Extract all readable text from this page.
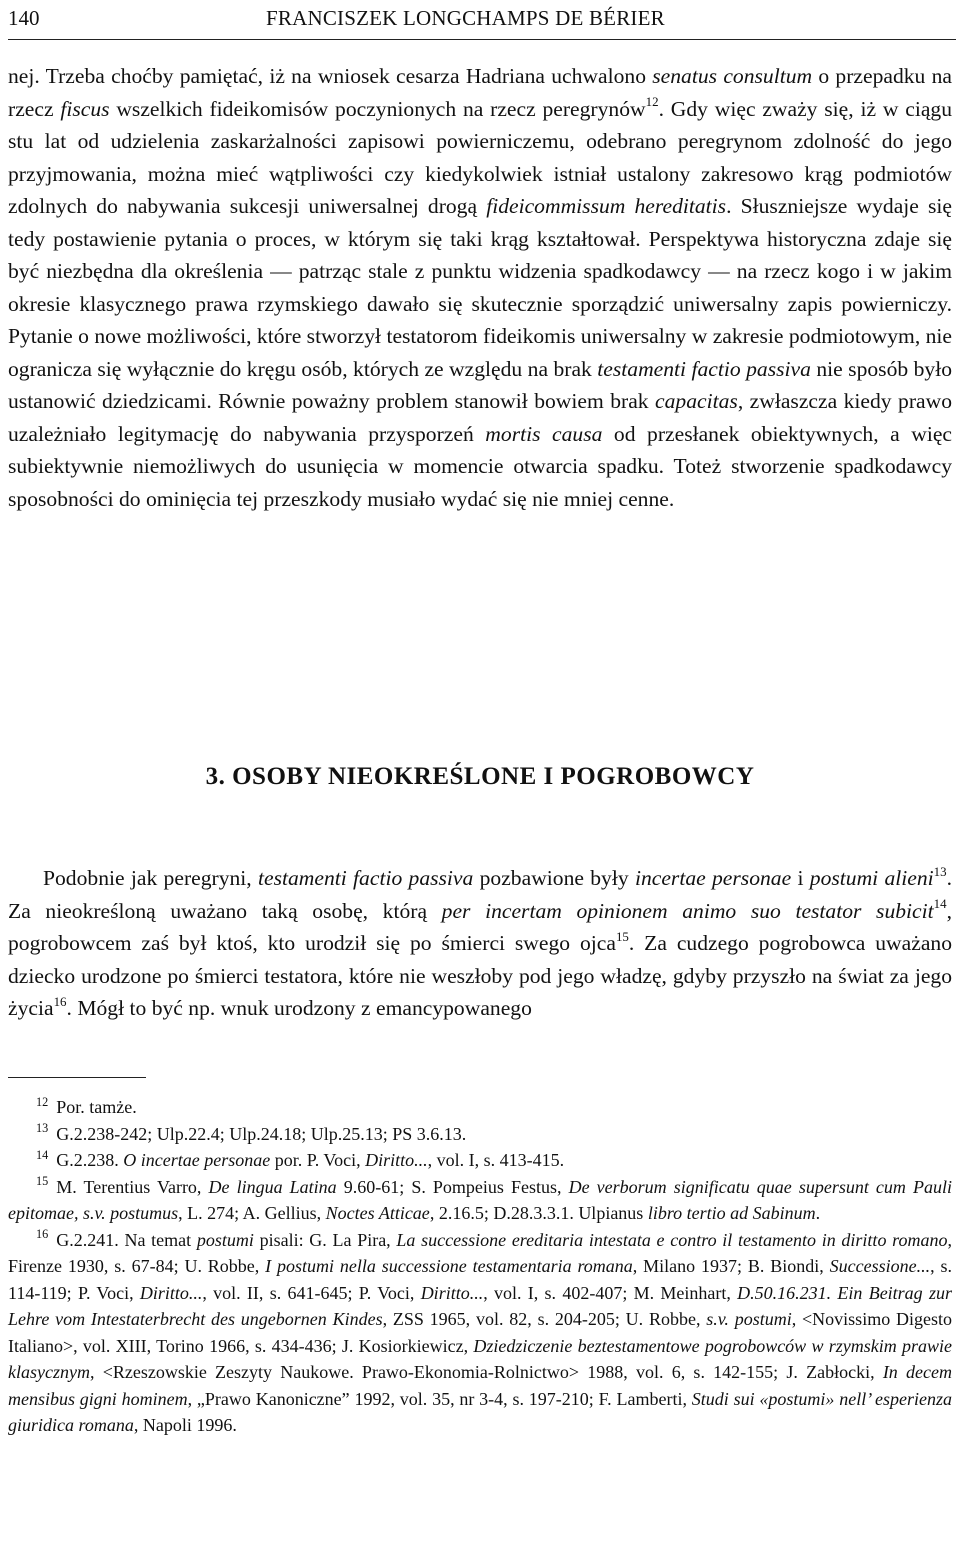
140	FRANCISZEK LONGCHAMPS DE BÉRIER
nej. Trzeba choćby pamiętać, iż na wniosek cesarza Hadriana uchwalono senatus consultum o przepadku na rzecz fiscus wszelkich fideikomisów poczynionych na rzecz peregrynów$^{12}$. Gdy więc zważy się, iż w ciągu stu lat od udzielenia zaskarżalności zapisowi powierniczemu, odebrano peregrynom zdolność do jego przyjmowania, można mieć wątpliwości czy kiedykolwiek istniał ustalony zakresowo krąg podmiotów zdolnych do nabywania sukcesji uniwersalnej drogą fideicommissum hereditatis. Słuszniejsze wydaje się tedy postawienie pytania o proces, w którym się taki krąg kształtował. Perspektywa historyczna zdaje się być niezbędna dla określenia — patrząc stale z punktu widzenia spadkodawcy — na rzecz kogo i w jakim okresie klasycznego prawa rzymskiego dawało się skutecznie sporządzić uniwersalny zapis powierniczy. Pytanie o nowe możliwości, które stworzył testatorom fideikomis uniwersalny w zakresie podmiotowym, nie ogranicza się wyłącznie do kręgu osób, których ze względu na brak testamenti factio passiva nie sposób było ustanowić dziedzicami. Równie poważny problem stanowił bowiem brak capacitas, zwłaszcza kiedy prawo uzależniało legitymację do nabywania przysporzeń mortis causa od przesłanek obiektywnych, a więc subiektywnie niemożliwych do usunięcia w momencie otwarcia spadku. Toteż stworzenie spadkodawcy sposobności do ominięcia tej przeszkody musiało wydać się nie mniej cenne.
3. OSOBY NIEOKREŚLONE I POGROBOWCY
Podobnie jak peregryni, testamenti factio passiva pozbawione były incertae personae i postumi alieni$^{13}$. Za nieokreśloną uważano taką osobę, którą per incertam opinionem animo suo testator subicit$^{14}$, pogrobowcem zaś był ktoś, kto urodził się po śmierci swego ojca$^{15}$. Za cudzego pogrobowca uważano dziecko urodzone po śmierci testatora, które nie weszłoby pod jego władzę, gdyby przyszło na świat za jego życia$^{16}$. Mógł to być np. wnuk urodzony z emancypowanego

$^{12}$ Por. tamże.

$^{13}$ G.2.238-242; Ulp.22.4; Ulp.24.18; Ulp.25.13; PS 3.6.13.

$^{14}$ G.2.238. O incertae personae por. P. Voci, Diritto..., vol. I, s. 413-415.

$^{15}$ M. Terentius Varro, De lingua Latina 9.60-61; S. Pompeius Festus, De verborum significatu quae supersunt cum Pauli epitomae, s.v. postumus, L. 274; A. Gellius, Noctes Atticae, 2.16.5; D.28.3.3.1. Ulpianus libro tertio ad Sabinum.

$^{16}$ G.2.241. Na temat postumi pisali: G. La Pira, La successione ereditaria intestata e contro il testamento in diritto romano, Firenze 1930, s. 67-84; U. Robbe, I postumi nella successione testamentaria romana, Milano 1937; B. Biondi, Successione..., s. 114-119; P. Voci, Diritto..., vol. II, s. 641-645; P. Voci, Diritto..., vol. I, s. 402-407; M. Meinhart, D.50.16.231. Ein Beitrag zur Lehre vom Intestaterbrecht des ungebornen Kindes, ZSS 1965, vol. 82, s. 204-205; U. Robbe, s.v. postumi, <Novissimo Digesto Italiano>, vol. XIII, Torino 1966, s. 434-436; J. Kosiorkiewicz, Dziedziczenie beztestamentowe pogrobowców w rzymskim prawie klasycznym, <Rzeszowskie Zeszyty Naukowe. Prawo-Ekonomia-Rolnictwo> 1988, vol. 6, s. 142-155; J. Zabłocki, In decem mensibus gigni hominem, „Prawo Kanoniczne” 1992, vol. 35, nr 3-4, s. 197-210; F. Lamberti, Studi sui «postumi» nell’ esperienza giuridica romana, Napoli 1996.
